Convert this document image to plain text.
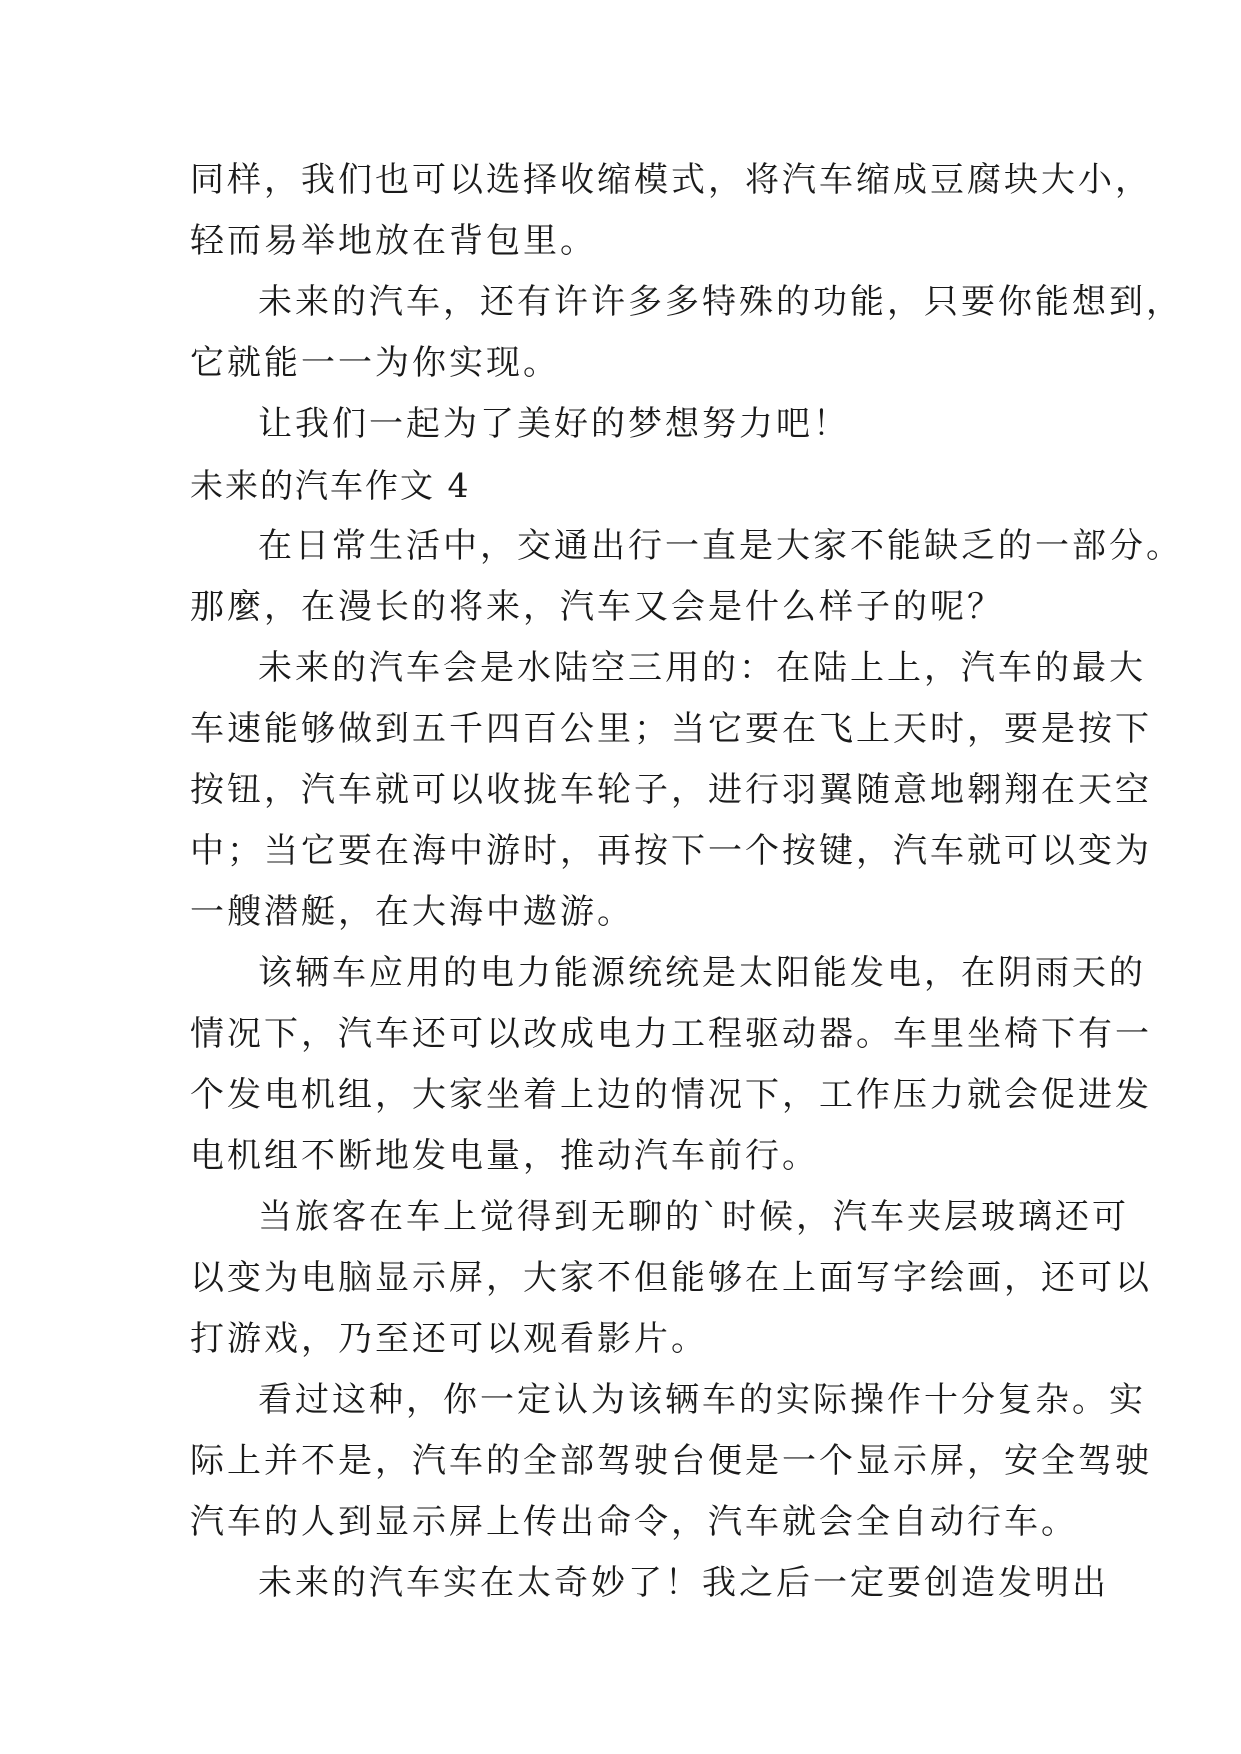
同样，我们也可以选择收缩模式，将汽车缩成豆腐块大小，
轻而易举地放在背包里。
未来的汽车，还有许许多多特殊的功能，只要你能想到，
它就能一一为你实现。
让我们一起为了美好的梦想努力吧！
未来的汽车作文 4
在日常生活中，交通出行一直是大家不能缺乏的一部分。
那麼，在漫长的将来，汽车又会是什么样子的呢？
未来的汽车会是水陆空三用的：在陆上上，汽车的最大
车速能够做到五千四百公里；当它要在飞上天时，要是按下
按钮，汽车就可以收拢车轮子，进行羽翼随意地翱翔在天空
中；当它要在海中游时，再按下一个按键，汽车就可以变为
一艘潜艇，在大海中遨游。
该辆车应用的电力能源统统是太阳能发电，在阴雨天的
情况下，汽车还可以改成电力工程驱动器。车里坐椅下有一
个发电机组，大家坐着上边的情况下，工作压力就会促进发
电机组不断地发电量，推动汽车前行。
当旅客在车上觉得到无聊的`时候，汽车夹层玻璃还可
以变为电脑显示屏，大家不但能够在上面写字绘画，还可以
打游戏，乃至还可以观看影片。
看过这种，你一定认为该辆车的实际操作十分复杂。实
际上并不是，汽车的全部驾驶台便是一个显示屏，安全驾驶
汽车的人到显示屏上传出命令，汽车就会全自动行车。
未来的汽车实在太奇妙了！我之后一定要创造发明出
